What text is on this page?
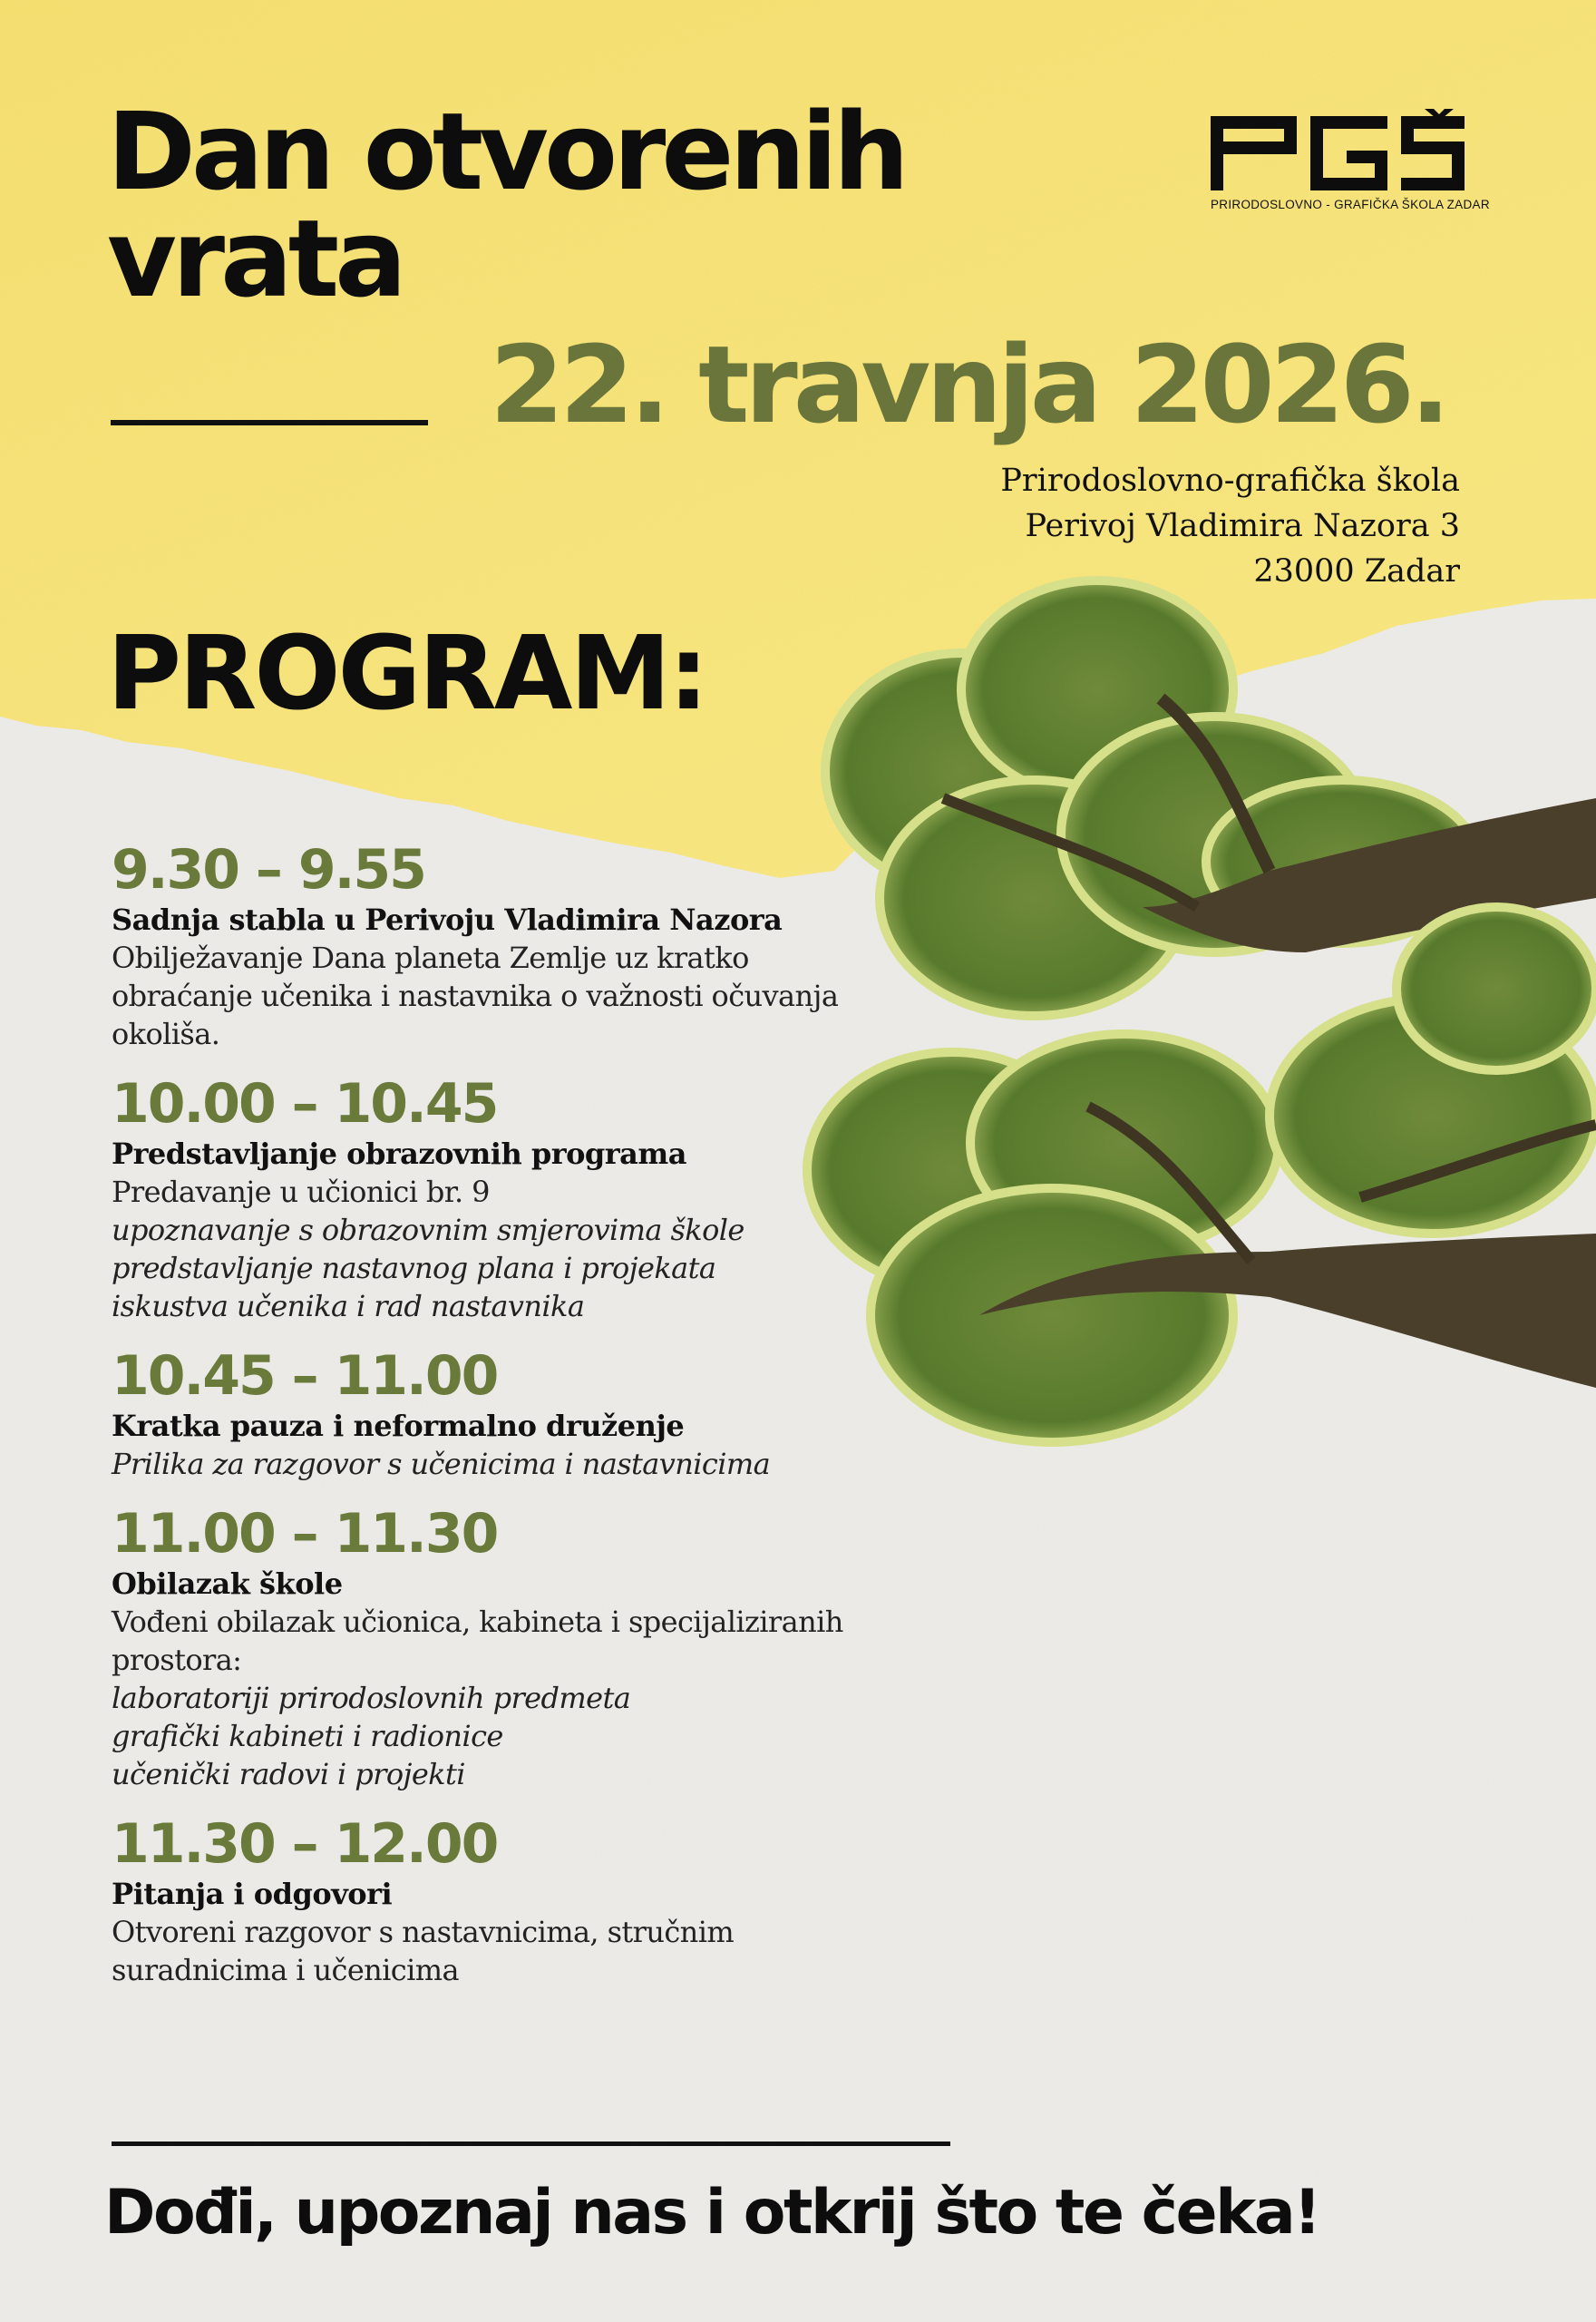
Dan otvorenih
vrata
22. travnja 2026.
PRIRODOSLOVNO - GRAFIČKA ŠKOLA ZADAR
Prirodoslovno-grafička škola
Perivoj Vladimira Nazora 3
23000 Zadar
PROGRAM:
9.30 – 9.55
Sadnja stabla u Perivoju Vladimira Nazora
Obilježavanje Dana planeta Zemlje uz kratko
obraćanje učenika i nastavnika o važnosti očuvanja
okoliša.
10.00 – 10.45
Predstavljanje obrazovnih programa
Predavanje u učionici br. 9
upoznavanje s obrazovnim smjerovima škole
predstavljanje nastavnog plana i projekata
iskustva učenika i rad nastavnika
10.45 – 11.00
Kratka pauza i neformalno druženje
Prilika za razgovor s učenicima i nastavnicima
11.00 – 11.30
Obilazak škole
Vođeni obilazak učionica, kabineta i specijaliziranih
prostora:
laboratoriji prirodoslovnih predmeta
grafički kabineti i radionice
učenički radovi i projekti
11.30 – 12.00
Pitanja i odgovori
Otvoreni razgovor s nastavnicima, stručnim
suradnicima i učenicima
Dođi, upoznaj nas i otkrij što te čeka!
